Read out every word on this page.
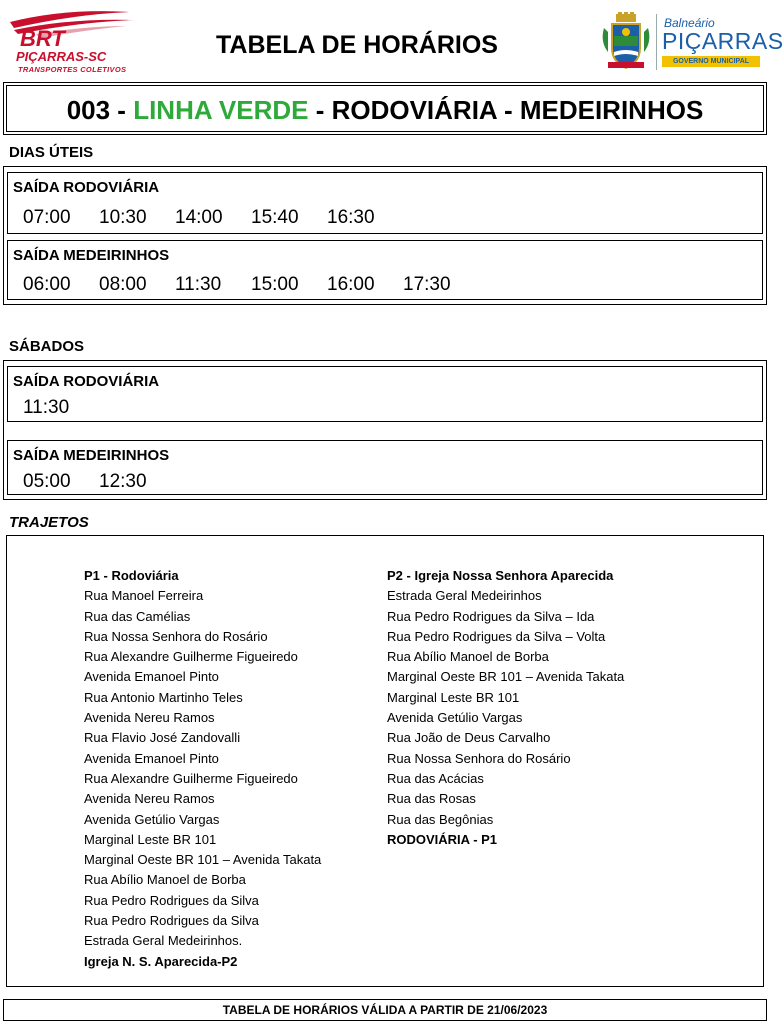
BRT
PIÇARRAS-SC
TRANSPORTES COLETIVOS
TABELA DE HORÁRIOS
Balneário
PIÇARRAS
GOVERNO MUNICIPAL
003 - LINHA VERDE - RODOVIÁRIA - MEDEIRINHOS
DIAS ÚTEIS
SAÍDA RODOVIÁRIA
07:00 10:30 14:00 15:40 16:30
SAÍDA MEDEIRINHOS
06:00 08:00 11:30 15:00 16:00 17:30
SÁBADOS
SAÍDA RODOVIÁRIA
11:30
SAÍDA MEDEIRINHOS
05:00 12:30
TRAJETOS
P1 - Rodoviária
Rua Manoel Ferreira
Rua das Camélias
Rua Nossa Senhora do Rosário
Rua Alexandre Guilherme Figueiredo
Avenida Emanoel Pinto
Rua Antonio Martinho Teles
Avenida Nereu Ramos
Rua Flavio José Zandovalli
Avenida Emanoel Pinto
Rua Alexandre Guilherme Figueiredo
Avenida Nereu Ramos
Avenida Getúlio Vargas
Marginal Leste BR 101
Marginal Oeste BR 101 – Avenida Takata
Rua Abílio Manoel de Borba
Rua Pedro Rodrigues da Silva
Rua Pedro Rodrigues da Silva
Estrada Geral Medeirinhos.
Igreja N. S. Aparecida-P2
P2 - Igreja Nossa Senhora Aparecida
Estrada Geral Medeirinhos
Rua Pedro Rodrigues da Silva – Ida
Rua Pedro Rodrigues da Silva – Volta
Rua Abílio Manoel de Borba
Marginal Oeste BR 101 – Avenida Takata
Marginal Leste BR 101
Avenida Getúlio Vargas
Rua João de Deus Carvalho
Rua Nossa Senhora do Rosário
Rua das Acácias
Rua das Rosas
Rua das Begônias
RODOVIÁRIA - P1
TABELA DE HORÁRIOS VÁLIDA A PARTIR DE 21/06/2023
